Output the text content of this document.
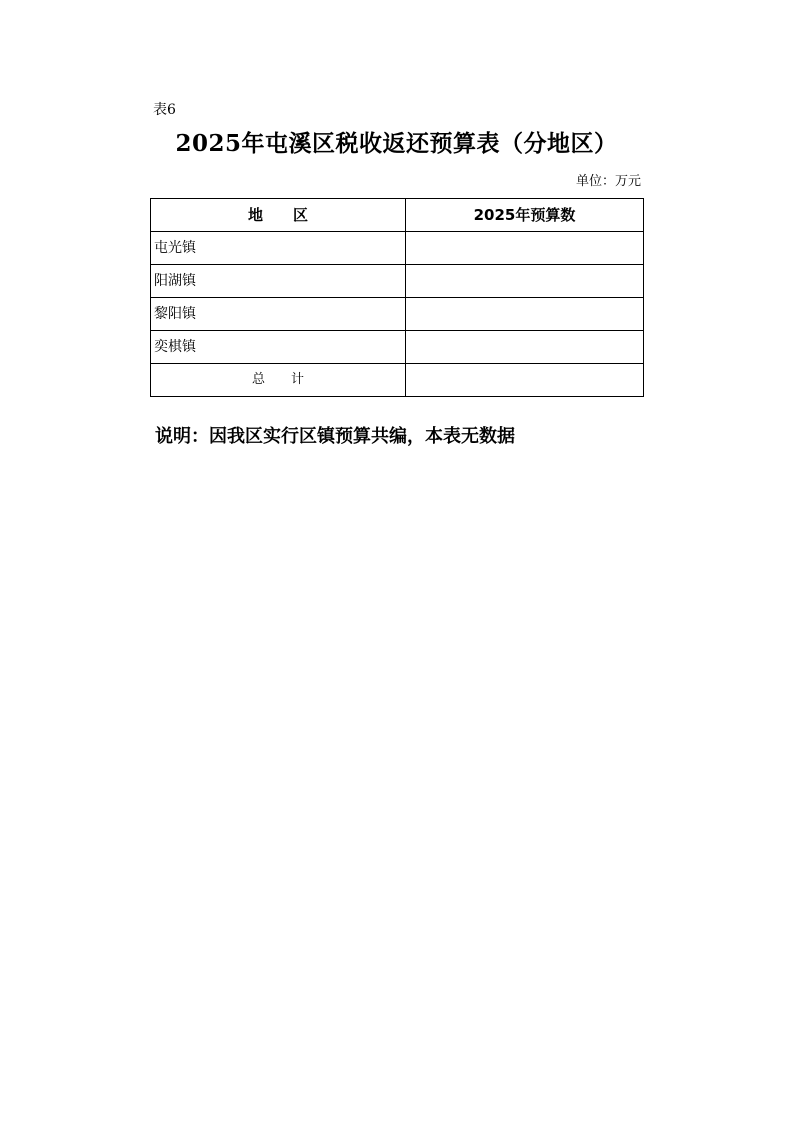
表6
2025年屯溪区税收返还预算表（分地区）
单位：万元
地　　区	2025年预算数
屯光镇	
阳湖镇	
黎阳镇	
奕棋镇	
总　　计	
说明：因我区实行区镇预算共编，本表无数据
